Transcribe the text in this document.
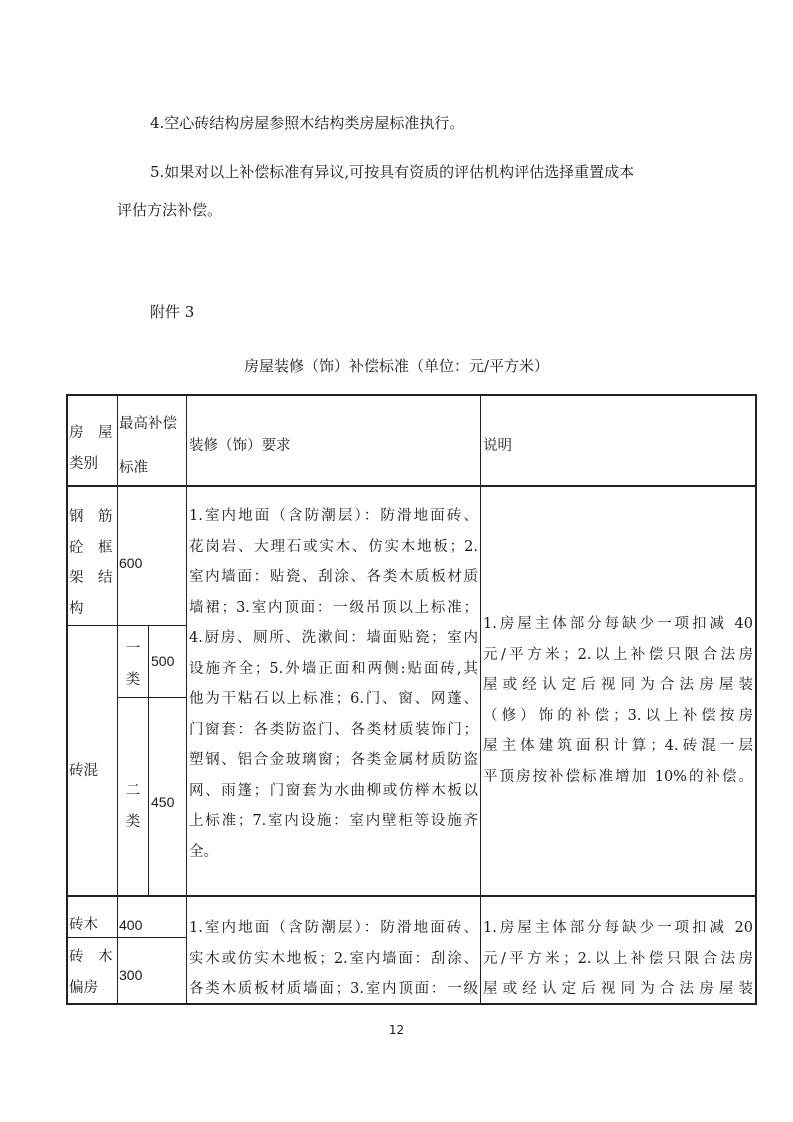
4.空心砖结构房屋参照木结构类房屋标准执行。
5.如果对以上补偿标准有异议,可按具有资质的评估机构评估选择重置成本
评估方法补偿。
附件 3
房屋装修（饰）补偿标准（单位：元/平方米）
房　屋
类别
最高补偿
标准
装修（饰）要求	说明
钢　筋
砼　框
架　结
构
600
砖混
一
类
500
二
类
450
1.室内地面（含防潮层）：防滑地面砖、
花岗岩、大理石或实木、仿实木地板；2.
室内墙面：贴瓷、刮涂、各类木质板材质
墙裙；3.室内顶面：一级吊顶以上标准；
4.厨房、厕所、洗漱间：墙面贴瓷；室内
设施齐全；5.外墙正面和两侧:贴面砖,其
他为干粘石以上标准；6.门、窗、网蓬、
门窗套：各类防盗门、各类材质装饰门；
塑钢、铝合金玻璃窗；各类金属材质防盗
网、雨篷；门窗套为水曲柳或仿榉木板以
上标准；7.室内设施：室内壁柜等设施齐
全。
1.房屋主体部分每缺少一项扣减 40
元/平方米；2.以上补偿只限合法房
屋或经认定后视同为合法房屋装
（修）饰的补偿；3.以上补偿按房
屋主体建筑面积计算；4.砖混一层
平顶房按补偿标准增加 10%的补偿。
砖木 400
砖　木
偏房
300
1.室内地面（含防潮层）：防滑地面砖、
实木或仿实木地板；2.室内墙面：刮涂、
各类木质板材质墙面；3.室内顶面：一级
1.房屋主体部分每缺少一项扣减 20
元/平方米；2.以上补偿只限合法房
屋或经认定后视同为合法房屋装
12
